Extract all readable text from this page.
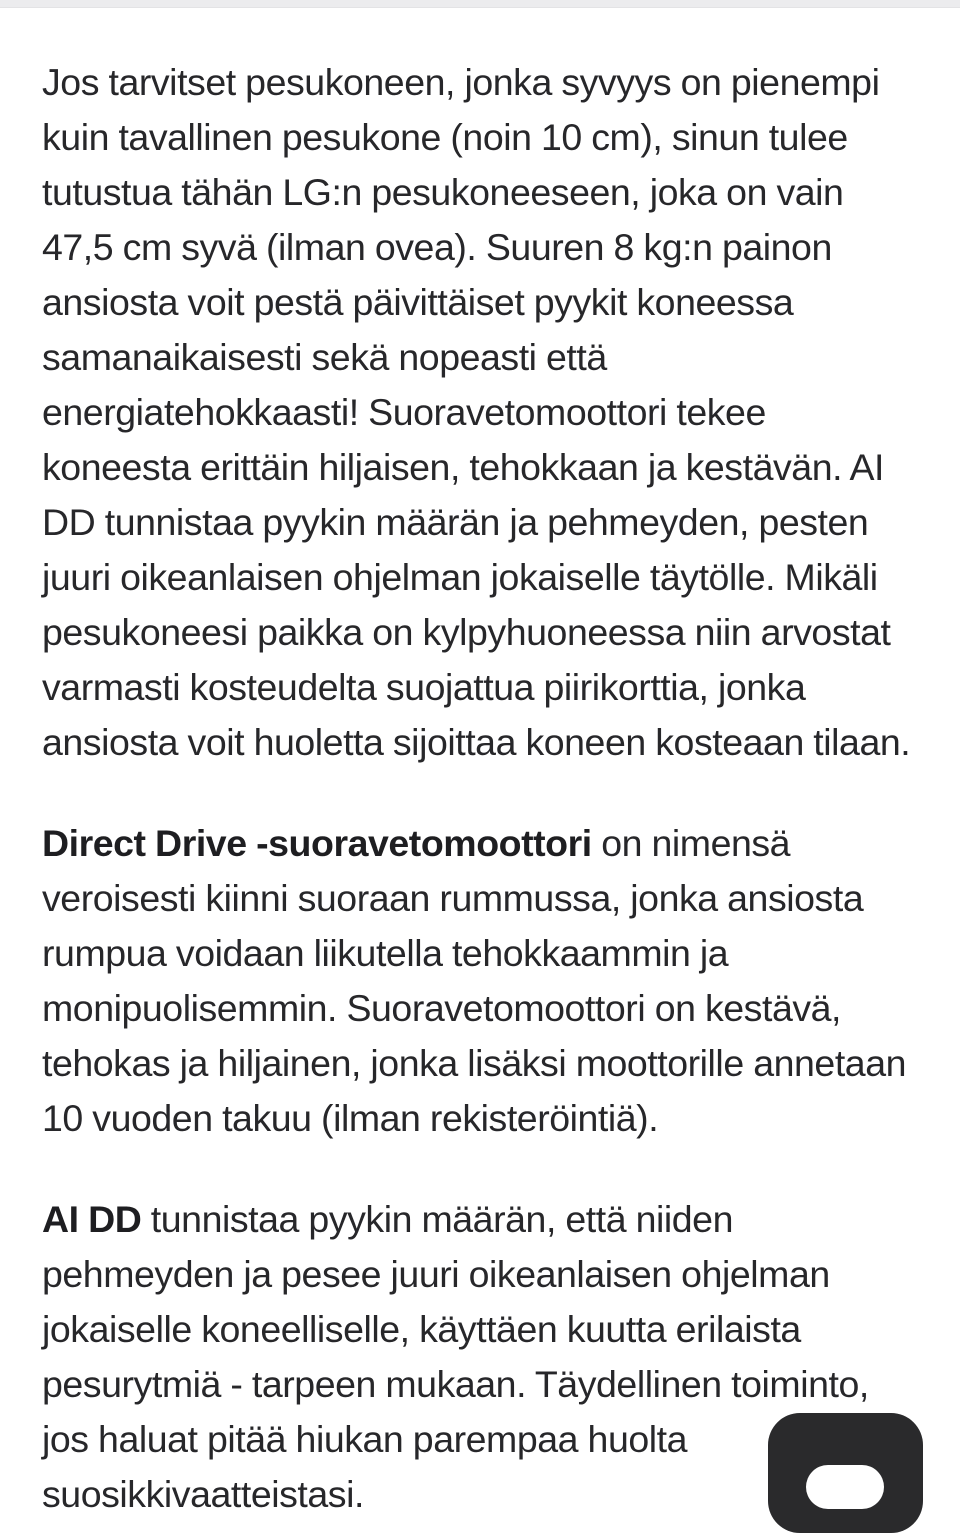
Jos tarvitset pesukoneen, jonka syvyys on pienempi kuin tavallinen pesukone (noin 10 cm), sinun tulee tutustua tähän LG:n pesukoneeseen, joka on vain 47,5 cm syvä (ilman ovea). Suuren 8 kg:n painon ansiosta voit pestä päivittäiset pyykit koneessa samanaikaisesti sekä nopeasti että energiatehokkaasti! Suoravetomoottori tekee koneesta erittäin hiljaisen, tehokkaan ja kestävän. AI DD tunnistaa pyykin määrän ja pehmeyden, pesten juuri oikeanlaisen ohjelman jokaiselle täytölle. Mikäli pesukoneesi paikka on kylpyhuoneessa niin arvostat varmasti kosteudelta suojattua piirikorttia, jonka ansiosta voit huoletta sijoittaa koneen kosteaan tilaan.

Direct Drive -suoravetomoottori on nimensä veroisesti kiinni suoraan rummussa, jonka ansiosta rumpua voidaan liikutella tehokkaammin ja monipuolisemmin. Suoravetomoottori on kestävä, tehokas ja hiljainen, jonka lisäksi moottorille annetaan 10 vuoden takuu (ilman rekisteröintiä).

AI DD tunnistaa pyykin määrän, että niiden pehmeyden ja pesee juuri oikeanlaisen ohjelman jokaiselle koneelliselle, käyttäen kuutta erilaista pesurytmiä - tarpeen mukaan. Täydellinen toiminto, jos haluat pitää hiukan parempaa huolta suosikkivaatteistasi.
